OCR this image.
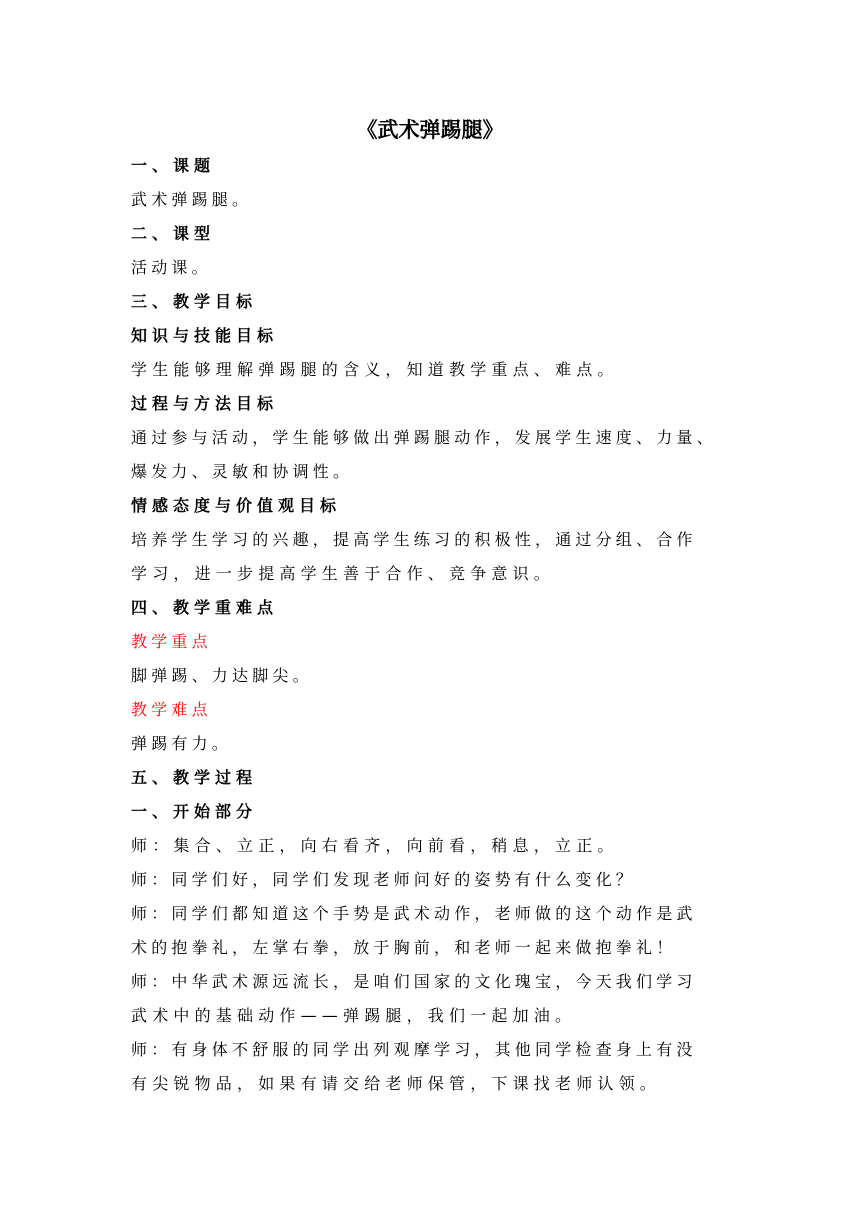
《武术弹踢腿》
一、课题
武术弹踢腿。
二、课型
活动课。
三、教学目标
知识与技能目标
学生能够理解弹踢腿的含义，知道教学重点、难点。
过程与方法目标
通过参与活动，学生能够做出弹踢腿动作，发展学生速度、力量、
爆发力、灵敏和协调性。
情感态度与价值观目标
培养学生学习的兴趣，提高学生练习的积极性，通过分组、合作
学习，进一步提高学生善于合作、竞争意识。
四、教学重难点
教学重点
脚弹踢、力达脚尖。
教学难点
弹踢有力。
五、教学过程
一、开始部分
师：集合、立正，向右看齐，向前看，稍息，立正。
师：同学们好，同学们发现老师问好的姿势有什么变化？
师：同学们都知道这个手势是武术动作，老师做的这个动作是武
术的抱拳礼，左掌右拳，放于胸前，和老师一起来做抱拳礼！
师：中华武术源远流长，是咱们国家的文化瑰宝，今天我们学习
武术中的基础动作——弹踢腿，我们一起加油。
师：有身体不舒服的同学出列观摩学习，其他同学检查身上有没
有尖锐物品，如果有请交给老师保管，下课找老师认领。
